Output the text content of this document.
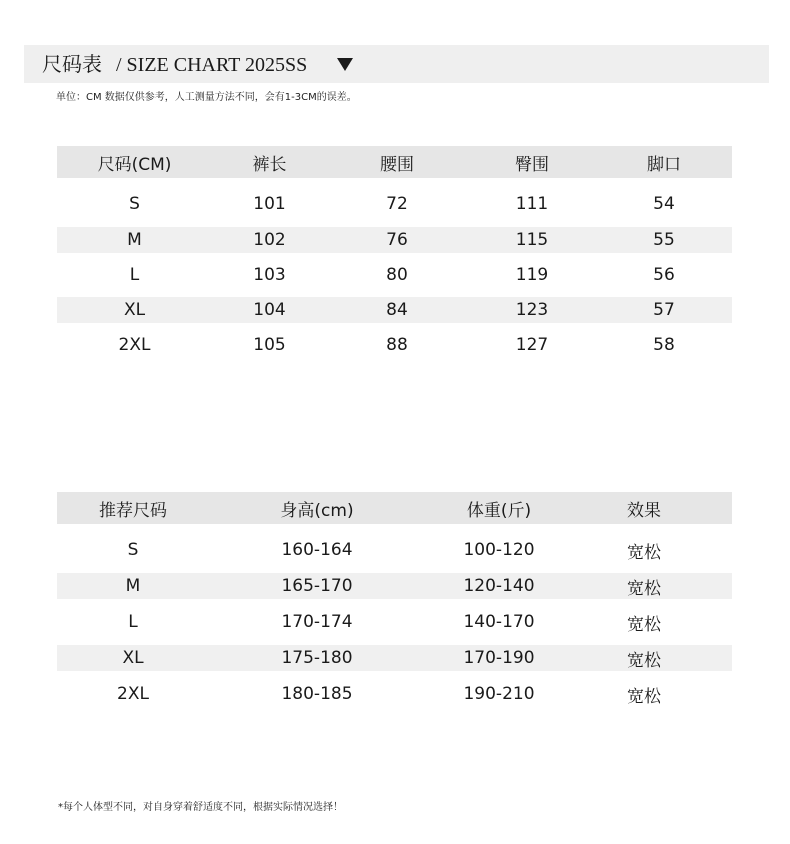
尺码表 / SIZE CHART 2025SS
单位：CM 数据仅供参考，人工测量方法不同，会有1-3CM的误差。
尺码(CM)	裤长	腰围	臀围	脚口
S	101	72	111	54
M	102	76	115	55
L	103	80	119	56
XL	104	84	123	57
2XL	105	88	127	58
推荐尺码	身高(cm)	体重(斤)	效果
S	160-164	100-120	宽松
M	165-170	120-140	宽松
L	170-174	140-170	宽松
XL	175-180	170-190	宽松
2XL	180-185	190-210	宽松
*每个人体型不同，对自身穿着舒适度不同，根据实际情况选择！
